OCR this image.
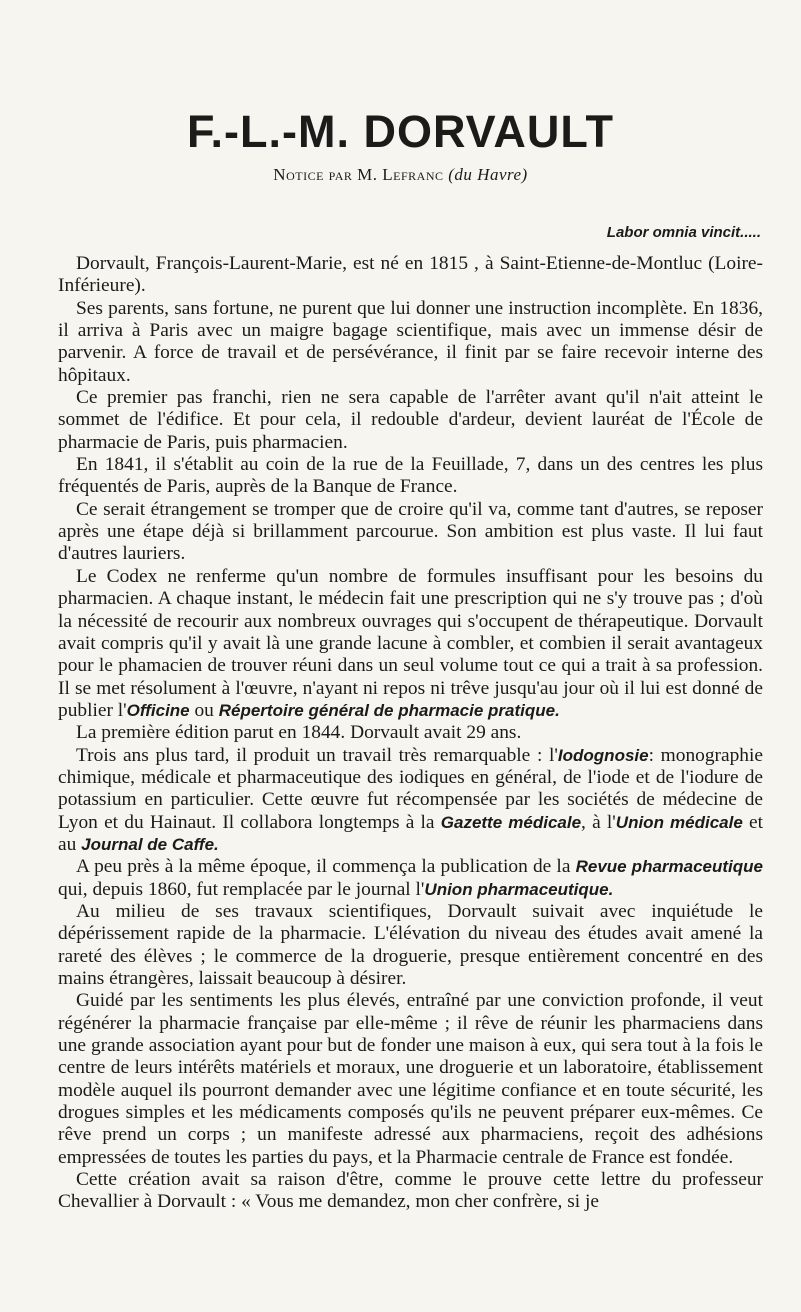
F.-L.-M. DORVAULT
Notice par M. Lefranc (du Havre)
Labor omnia vincit.....

Dorvault, François-Laurent-Marie, est né en 1815 , à Saint-Etienne-de-Montluc (Loire-Inférieure).

Ses parents, sans fortune, ne purent que lui donner une instruction incomplète. En 1836, il arriva à Paris avec un maigre bagage scientifique, mais avec un immense désir de parvenir. A force de travail et de persévérance, il finit par se faire recevoir interne des hôpitaux.

Ce premier pas franchi, rien ne sera capable de l'arrêter avant qu'il n'ait atteint le sommet de l'édifice. Et pour cela, il redouble d'ardeur, devient lauréat de l'École de pharmacie de Paris, puis pharmacien.

En 1841, il s'établit au coin de la rue de la Feuillade, 7, dans un des centres les plus fréquentés de Paris, auprès de la Banque de France.

Ce serait étrangement se tromper que de croire qu'il va, comme tant d'autres, se reposer après une étape déjà si brillamment parcourue. Son ambition est plus vaste. Il lui faut d'autres lauriers.

Le Codex ne renferme qu'un nombre de formules insuffisant pour les besoins du pharmacien. A chaque instant, le médecin fait une prescription qui ne s'y trouve pas ; d'où la nécessité de recourir aux nombreux ouvrages qui s'occupent de thérapeutique. Dorvault avait compris qu'il y avait là une grande lacune à combler, et combien il serait avantageux pour le phamacien de trouver réuni dans un seul volume tout ce qui a trait à sa profession. Il se met résolument à l'œuvre, n'ayant ni repos ni trêve jusqu'au jour où il lui est donné de publier l'Officine ou Répertoire général de pharmacie pratique.

La première édition parut en 1844. Dorvault avait 29 ans.

Trois ans plus tard, il produit un travail très remarquable : l'Iodognosie: monographie chimique, médicale et pharmaceutique des iodiques en général, de l'iode et de l'iodure de potassium en particulier. Cette œuvre fut récompensée par les sociétés de médecine de Lyon et du Hainaut. Il collabora longtemps à la Gazette médicale, à l'Union médicale et au Journal de Caffe.

A peu près à la même époque, il commença la publication de la Revue pharmaceutique qui, depuis 1860, fut remplacée par le journal l'Union pharmaceutique.

Au milieu de ses travaux scientifiques, Dorvault suivait avec inquiétude le dépérissement rapide de la pharmacie. L'élévation du niveau des études avait amené la rareté des élèves ; le commerce de la droguerie, presque entièrement concentré en des mains étrangères, laissait beaucoup à désirer.

Guidé par les sentiments les plus élevés, entraîné par une conviction profonde, il veut régénérer la pharmacie française par elle-même ; il rêve de réunir les pharmaciens dans une grande association ayant pour but de fonder une maison à eux, qui sera tout à la fois le centre de leurs intérêts matériels et moraux, une droguerie et un laboratoire, établissement modèle auquel ils pourront demander avec une légitime confiance et en toute sécurité, les drogues simples et les médicaments composés qu'ils ne peuvent préparer eux-mêmes. Ce rêve prend un corps ; un manifeste adressé aux pharmaciens, reçoit des adhésions empressées de toutes les parties du pays, et la Pharmacie centrale de France est fondée.

Cette création avait sa raison d'être, comme le prouve cette lettre du professeur Chevallier à Dorvault : « Vous me demandez, mon cher confrère, si je
